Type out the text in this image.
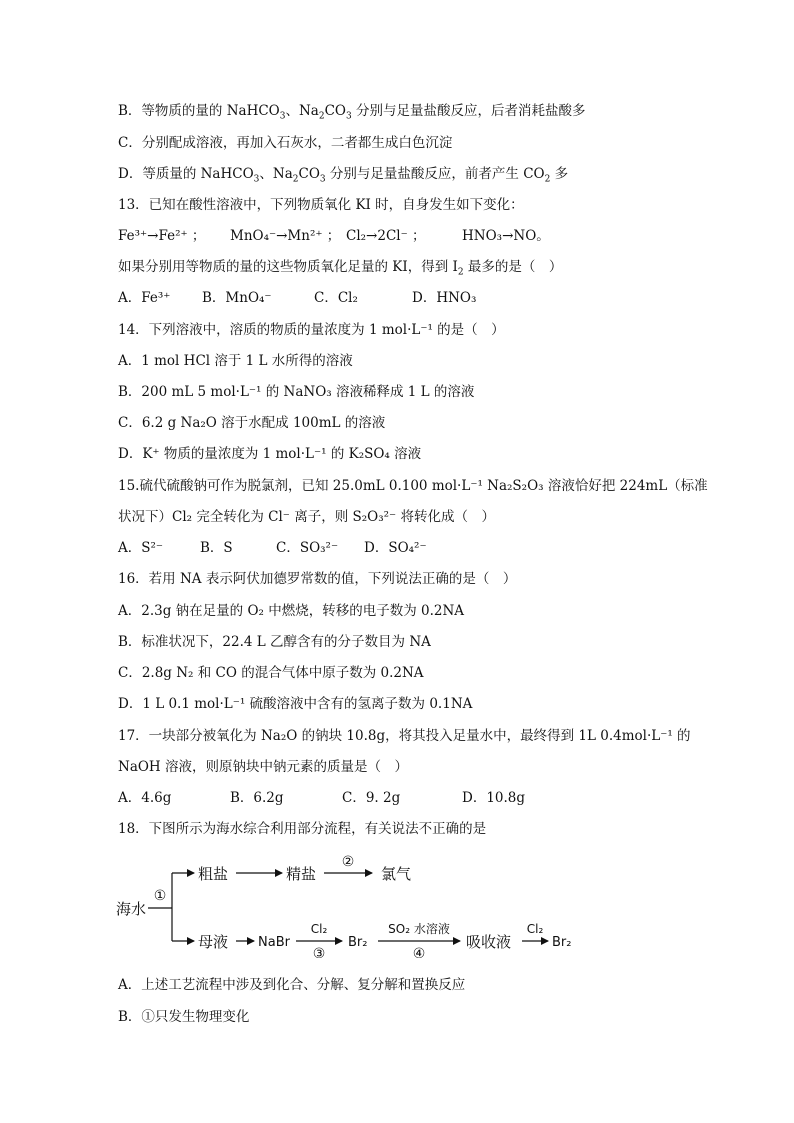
B．等物质的量的 NaHCO$_3$、$Na_2CO_3$ 分别与足量盐酸反应，后者消耗盐酸多
C．分别配成溶液，再加入石灰水，二者都生成白色沉淀
D．等质量的 NaHCO$_3$、$Na_2CO_3$ 分别与足量盐酸反应，前者产生 $CO_2$ 多
13．已知在酸性溶液中，下列物质氧化 KI 时，自身发生如下变化：
Fe³⁺→Fe²⁺ ； MnO₄⁻→Mn²⁺ ； Cl₂→2Cl⁻ ；	HNO₃→NO。
如果分别用等物质的量的这些物质氧化足量的 KI，得到 $I_2$ 最多的是（　）
A．Fe³⁺ B．MnO₄⁻	C．Cl₂	D．HNO₃
14．下列溶液中，溶质的物质的量浓度为 1 mol·L⁻¹ 的是（　）
A．1 mol HCl 溶于 1 L 水所得的溶液
B．200 mL 5 mol·L⁻¹ 的 NaNO₃ 溶液稀释成 1 L 的溶液
C．6.2 g Na₂O 溶于水配成 100mL 的溶液
D．K⁺ 物质的量浓度为 1 mol·L⁻¹ 的 K₂SO₄ 溶液
15.硫代硫酸钠可作为脱氯剂，已知 25.0mL 0.100 mol·L⁻¹ Na₂S₂O₃ 溶液恰好把 224mL（标准
状况下）Cl₂ 完全转化为 Cl⁻ 离子，则 S₂O₃²⁻ 将转化成（　）
A．S²⁻	B．S	C．SO₃²⁻ D．SO₄²⁻
16．若用 NA 表示阿伏加德罗常数的值，下列说法正确的是（　）
A．2.3g 钠在足量的 O₂ 中燃烧，转移的电子数为 0.2NA
B．标准状况下，22.4 L 乙醇含有的分子数目为 NA
C．2.8g N₂ 和 CO 的混合气体中原子数为 0.2NA
D．1 L 0.1 mol·L⁻¹ 硫酸溶液中含有的氢离子数为 0.1NA
17．一块部分被氧化为 Na₂O 的钠块 10.8g，将其投入足量水中，最终得到 1L 0.4mol·L⁻¹ 的
NaOH 溶液，则原钠块中钠元素的质量是（　）
A．4.6g	B．6.2g	C．9. 2g	D．10.8g
18．下图所示为海水综合利用部分流程，有关说法不正确的是
海水
①
粗盐	精盐
②
氯气
母液 NaBr
Cl₂
③
Br₂
SO₂ 水溶液
④
吸收液
Cl₂
Br₂
A．上述工艺流程中涉及到化合、分解、复分解和置换反应
B．①只发生物理变化
